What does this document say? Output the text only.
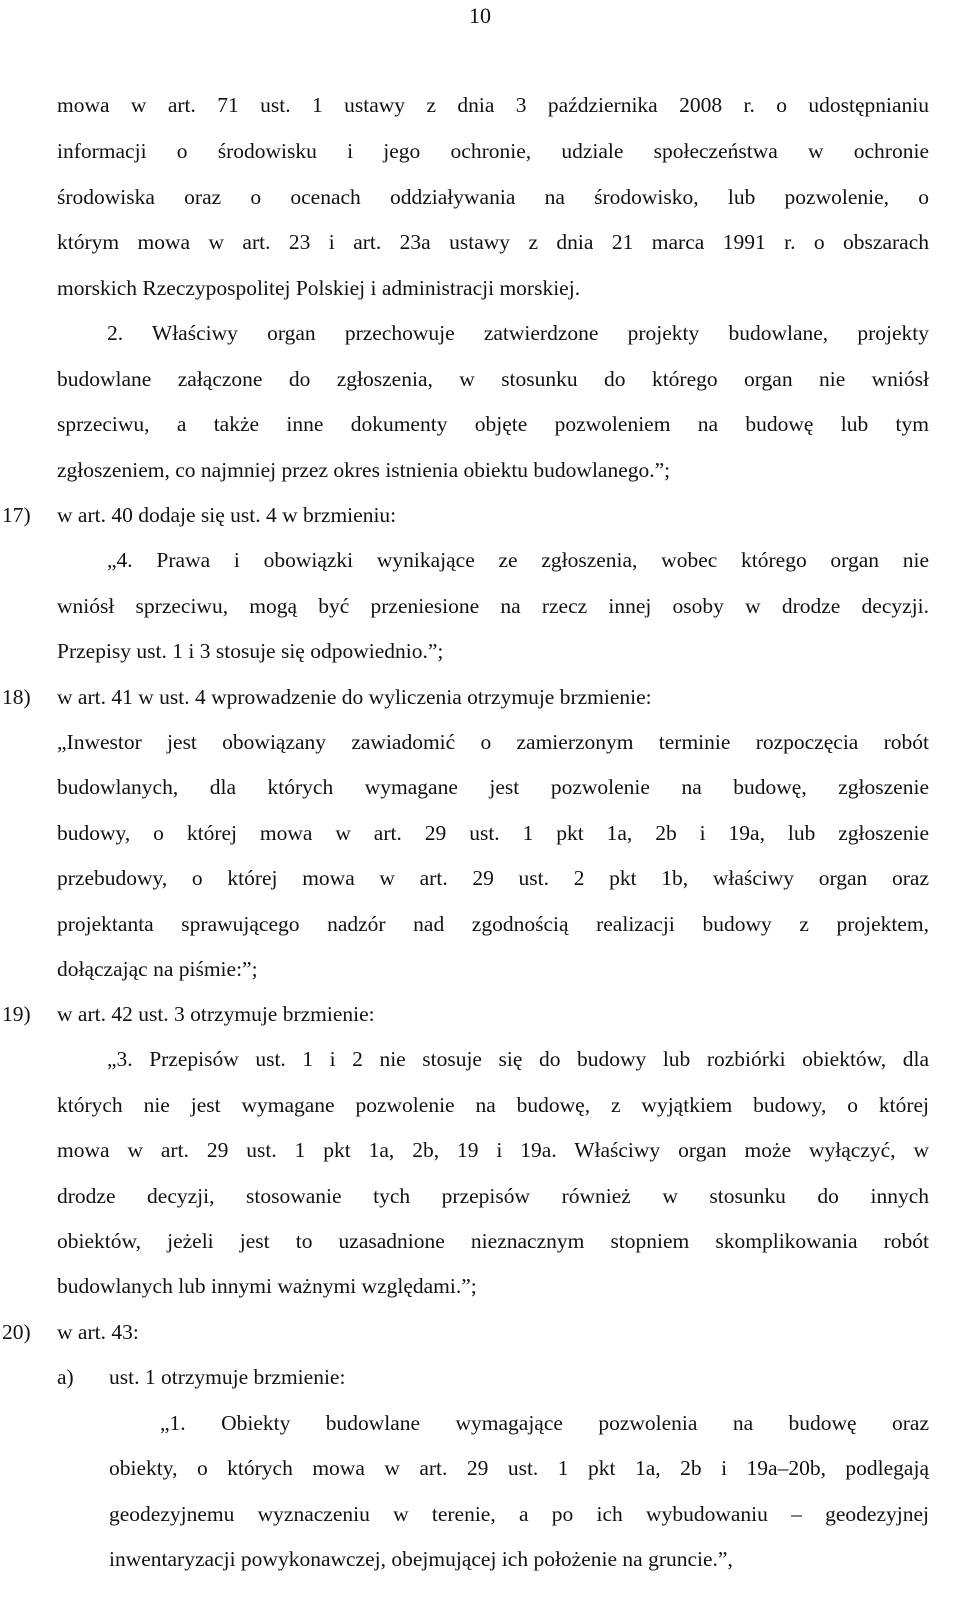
10
mowa w art. 71 ust. 1 ustawy z dnia 3 października 2008 r. o udostępnianiu
informacji o środowisku i jego ochronie, udziale społeczeństwa w ochronie
środowiska oraz o ocenach oddziaływania na środowisko, lub pozwolenie, o
którym mowa w art. 23 i art. 23a ustawy z dnia 21 marca 1991 r. o obszarach
morskich Rzeczypospolitej Polskiej i administracji morskiej.
2. Właściwy organ przechowuje zatwierdzone projekty budowlane, projekty
budowlane załączone do zgłoszenia, w stosunku do którego organ nie wniósł
sprzeciwu, a także inne dokumenty objęte pozwoleniem na budowę lub tym
zgłoszeniem, co najmniej przez okres istnienia obiektu budowlanego.”;
17) w art. 40 dodaje się ust. 4 w brzmieniu:
„4. Prawa i obowiązki wynikające ze zgłoszenia, wobec którego organ nie
wniósł sprzeciwu, mogą być przeniesione na rzecz innej osoby w drodze decyzji.
Przepisy ust. 1 i 3 stosuje się odpowiednio.”;
18) w art. 41 w ust. 4 wprowadzenie do wyliczenia otrzymuje brzmienie:
„Inwestor jest obowiązany zawiadomić o zamierzonym terminie rozpoczęcia robót
budowlanych, dla których wymagane jest pozwolenie na budowę, zgłoszenie
budowy, o której mowa w art. 29 ust. 1 pkt 1a, 2b i 19a, lub zgłoszenie
przebudowy, o której mowa w art. 29 ust. 2 pkt 1b, właściwy organ oraz
projektanta sprawującego nadzór nad zgodnością realizacji budowy z projektem,
dołączając na piśmie:”;
19) w art. 42 ust. 3 otrzymuje brzmienie:
„3. Przepisów ust. 1 i 2 nie stosuje się do budowy lub rozbiórki obiektów, dla
których nie jest wymagane pozwolenie na budowę, z wyjątkiem budowy, o której
mowa w art. 29 ust. 1 pkt 1a, 2b, 19 i 19a. Właściwy organ może wyłączyć, w
drodze decyzji, stosowanie tych przepisów również w stosunku do innych
obiektów, jeżeli jest to uzasadnione nieznacznym stopniem skomplikowania robót
budowlanych lub innymi ważnymi względami.”;
20) w art. 43:
a) ust. 1 otrzymuje brzmienie:
„1. Obiekty budowlane wymagające pozwolenia na budowę oraz
obiekty, o których mowa w art. 29 ust. 1 pkt 1a, 2b i 19a–20b, podlegają
geodezyjnemu wyznaczeniu w terenie, a po ich wybudowaniu – geodezyjnej
inwentaryzacji powykonawczej, obejmującej ich położenie na gruncie.”,
